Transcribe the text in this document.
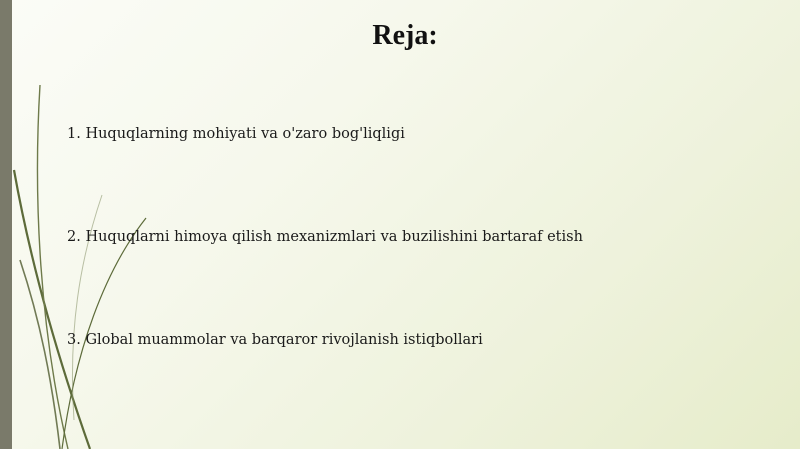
Reja:
1. Huquqlarning mohiyati va o'zaro bog'liqligi
2. Huquqlarni himoya qilish mexanizmlari va buzilishini bartaraf etish
3. Global muammolar va barqaror rivojlanish istiqbollari
